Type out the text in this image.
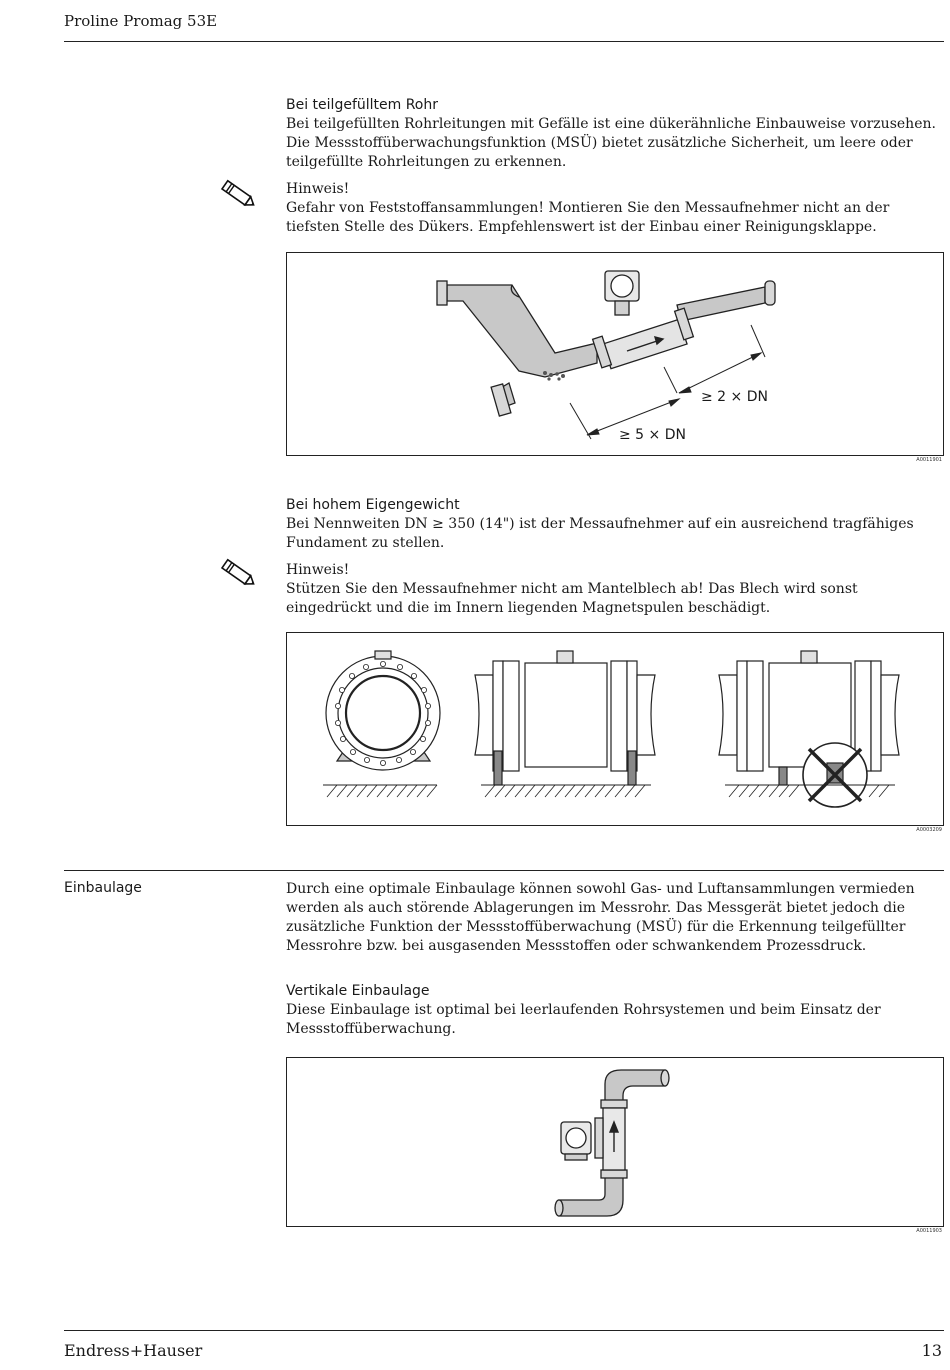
Proline Promag 53E
Bei teilgefülltem Rohr

Bei teilgefüllten Rohrleitungen mit Gefälle ist eine dükerähnliche Einbauweise vorzusehen. Die Messstoffüberwachungsfunktion (MSÜ) bietet zusätzliche Sicherheit, um leere oder teilgefüllte Rohrleitungen zu erkennen.

Hinweis!

Gefahr von Feststoffansammlungen! Montieren Sie den Messaufnehmer nicht an der tiefsten Stelle des Dükers. Empfehlenswert ist der Einbau einer Reinigungsklappe.

≥ 2 × DN
≥ 5 × DN
A0011901
Bei hohem Eigengewicht

Bei Nennweiten DN ≥ 350 (14") ist der Messaufnehmer auf ein ausreichend tragfähiges Fundament zu stellen.

Hinweis!

Stützen Sie den Messaufnehmer nicht am Mantelblech ab! Das Blech wird sonst eingedrückt und die im Innern liegenden Magnetspulen beschädigt.

A0003209
Einbaulage	Durch eine optimale Einbaulage können sowohl Gas- und Luftansammlungen vermieden werden als auch störende Ablagerungen im Messrohr. Das Messgerät bietet jedoch die zusätzliche Funktion der Messstoffüberwachung (MSÜ) für die Erkennung teilgefüllter Messrohre bzw. bei ausgasenden Messstoffen oder schwankendem Prozessdruck.

Vertikale Einbaulage

Diese Einbaulage ist optimal bei leerlaufenden Rohrsystemen und beim Einsatz der Messstoffüberwachung.

A0011903
Endress+Hauser	13
